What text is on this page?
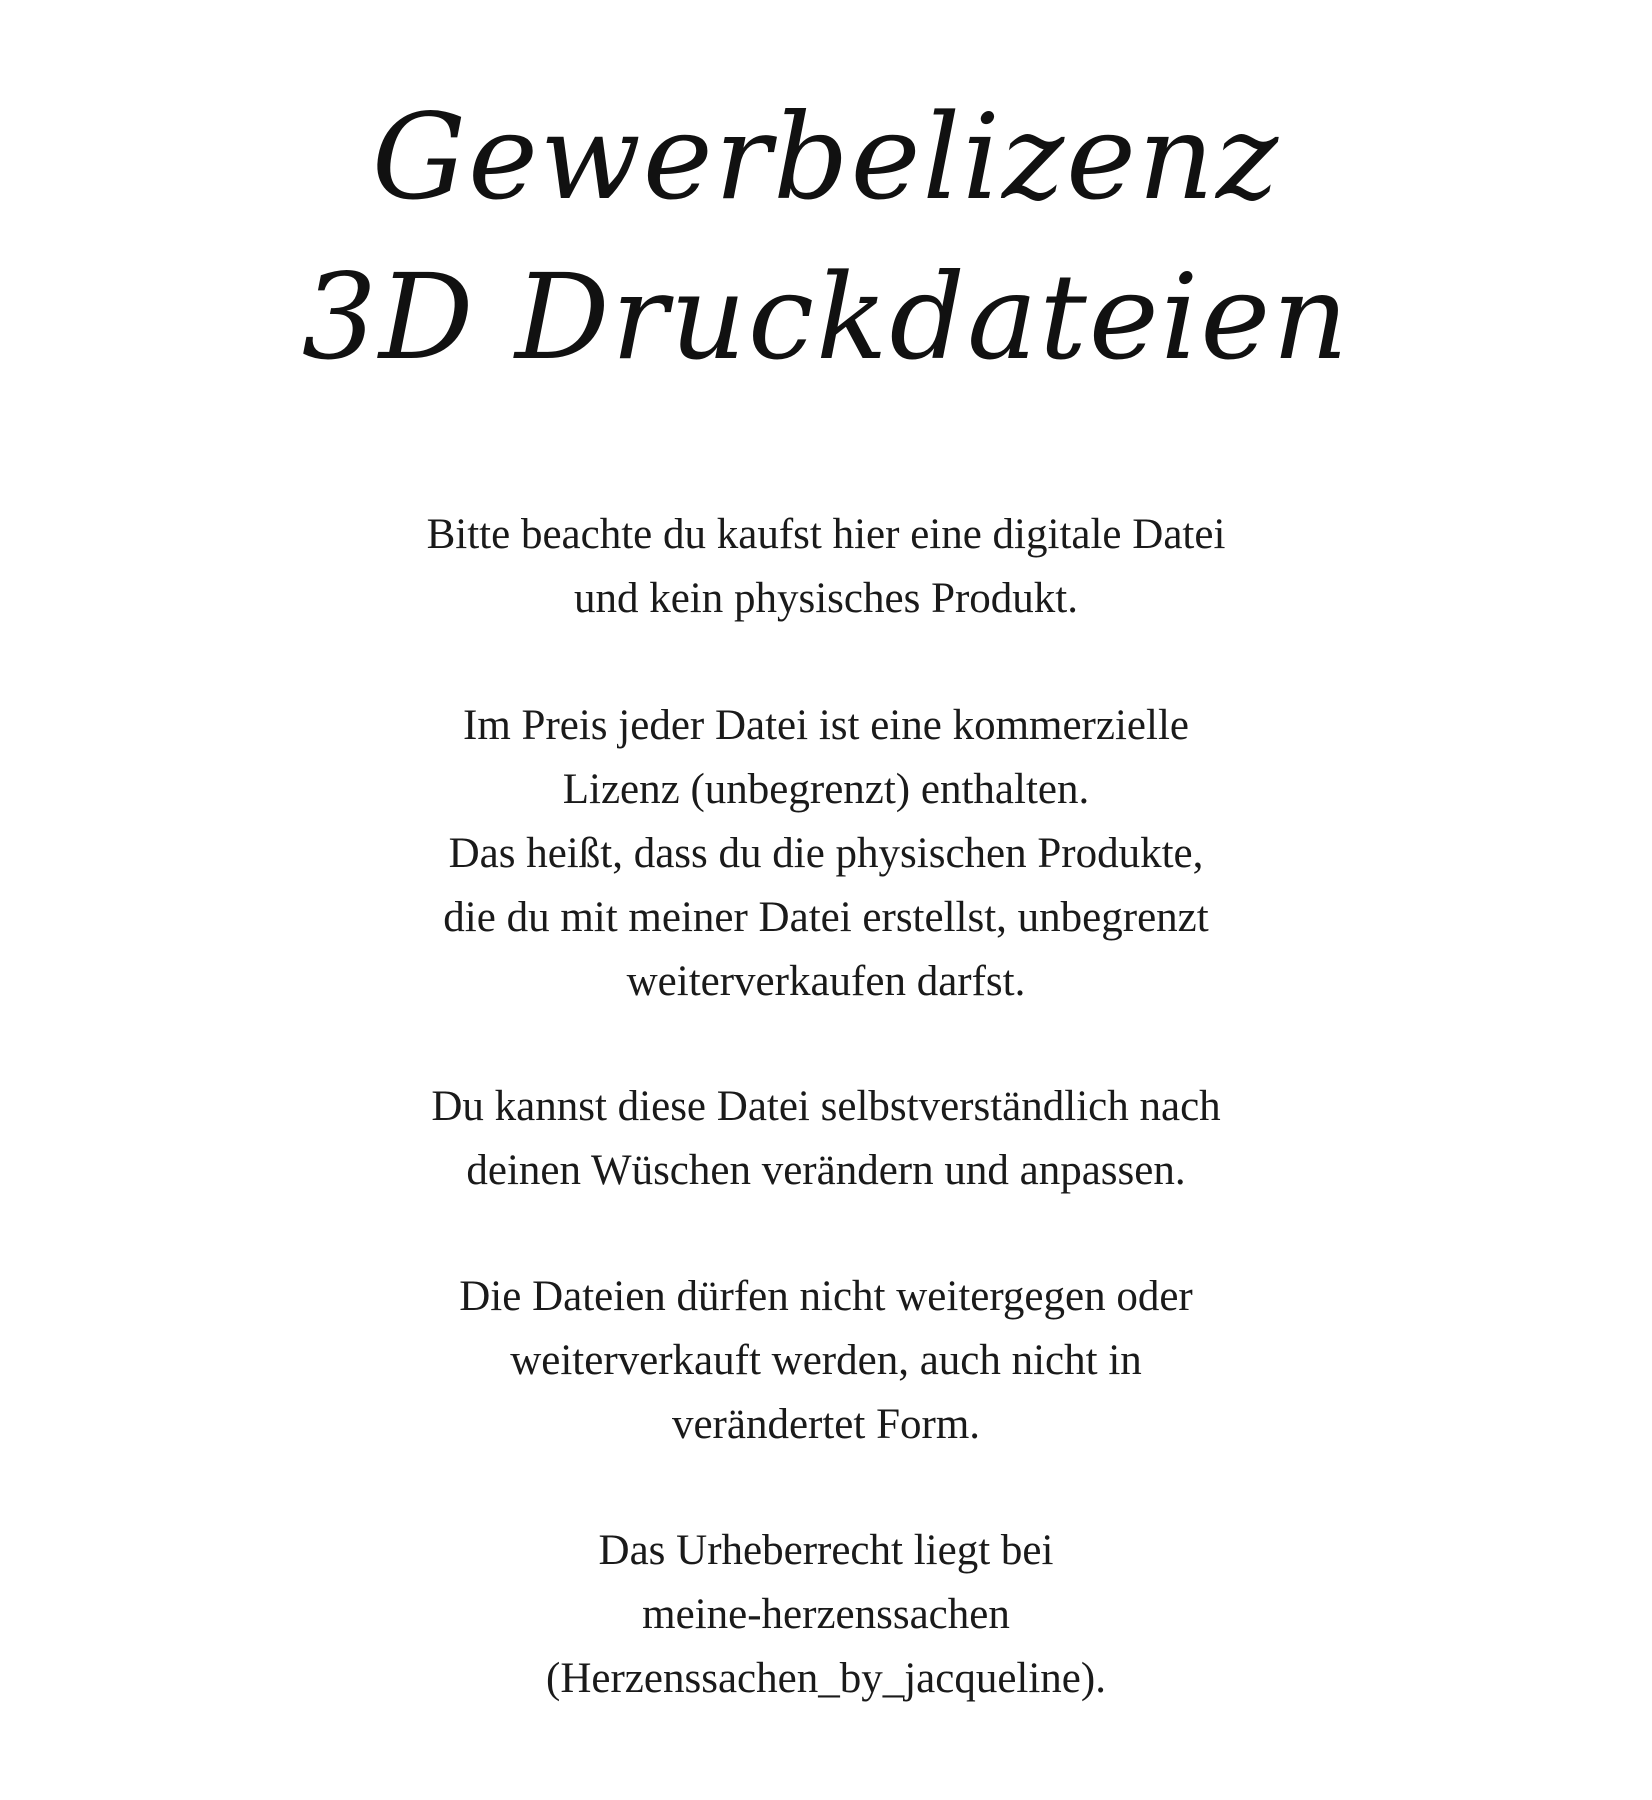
Gewerbelizenz
3D Druckdateien
Bitte beachte du kaufst hier eine digitale Datei
und kein physisches Produkt.
Im Preis jeder Datei ist eine kommerzielle
Lizenz (unbegrenzt) enthalten.
Das heißt, dass du die physischen Produkte,
die du mit meiner Datei erstellst, unbegrenzt
weiterverkaufen darfst.
Du kannst diese Datei selbstverständlich nach
deinen Wüschen verändern und anpassen.
Die Dateien dürfen nicht weitergegen oder
weiterverkauft werden, auch nicht in
verändertet Form.
Das Urheberrecht liegt bei
meine-herzenssachen
(Herzenssachen_by_jacqueline).
